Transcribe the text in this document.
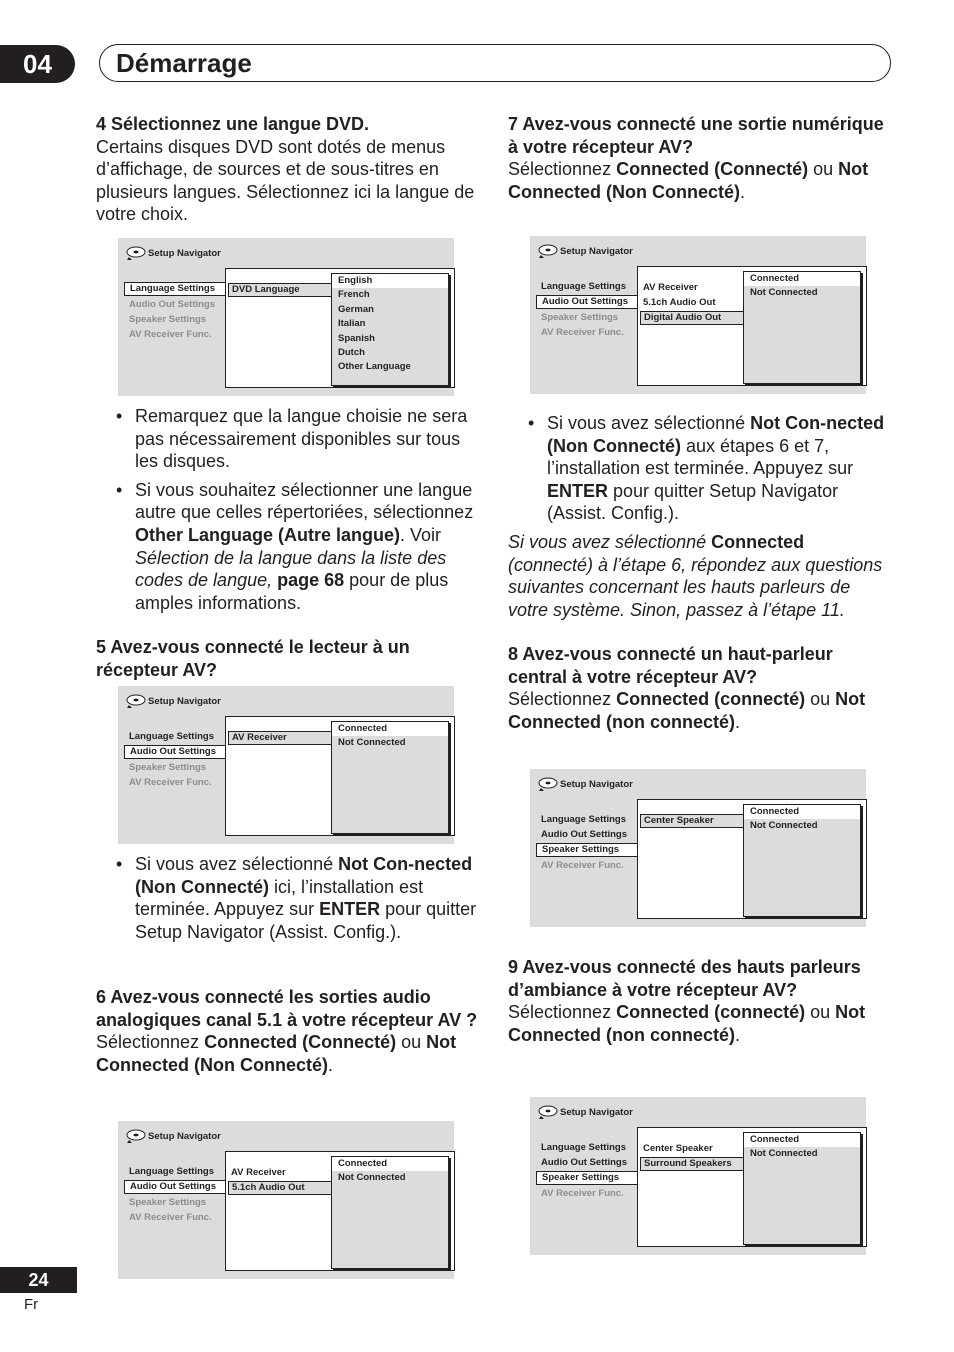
04	Démarrage

4 Sélectionnez une langue DVD.

Certains disques DVD sont dotés de menus d’affichage, de sources et de sous-titres en plusieurs langues. Sélectionnez ici la langue de votre choix.

Setup Navigator
Language Settings
Audio Out Settings
Speaker Settings
AV Receiver Func.
DVD Language
English
French
German
Italian
Spanish
Dutch
Other Language

• Remarquez que la langue choisie ne sera pas nécessairement disponibles sur tous les disques.

• Si vous souhaitez sélectionner une langue autre que celles répertoriées, sélectionnez Other Language (Autre langue). Voir Sélection de la langue dans la liste des codes de langue, page 68 pour de plus amples informations.

5 Avez-vous connecté le lecteur à un récepteur AV?

Setup Navigator
Language Settings
Audio Out Settings
Speaker Settings
AV Receiver Func.
AV Receiver
Connected
Not Connected

• Si vous avez sélectionné Not Con-nected (Non Connecté) ici, l’installation est terminée. Appuyez sur ENTER pour quitter Setup Navigator (Assist. Config.).

6 Avez-vous connecté les sorties audio analogiques canal 5.1 à votre récepteur AV ?

Sélectionnez Connected (Connecté) ou Not Connected (Non Connecté).

Setup Navigator
Language Settings
Audio Out Settings
Speaker Settings
AV Receiver Func.
AV Receiver
5.1ch Audio Out
Connected
Not Connected

7 Avez-vous connecté une sortie numérique à votre récepteur AV?

Sélectionnez Connected (Connecté) ou Not Connected (Non Connecté).

Setup Navigator
Language Settings
Audio Out Settings
Speaker Settings
AV Receiver Func.
AV Receiver
5.1ch Audio Out
Digital Audio Out
Connected
Not Connected

• Si vous avez sélectionné Not Con-nected (Non Connecté) aux étapes 6 et 7, l’installation est terminée. Appuyez sur ENTER pour quitter Setup Navigator (Assist. Config.).

Si vous avez sélectionné Connected (connecté) à l’étape 6, répondez aux questions suivantes concernant les hauts parleurs de votre système. Sinon, passez à l’étape 11.

8 Avez-vous connecté un haut-parleur central à votre récepteur AV?

Sélectionnez Connected (connecté) ou Not Connected (non connecté).

Setup Navigator
Language Settings
Audio Out Settings
Speaker Settings
AV Receiver Func.
Center Speaker
Connected
Not Connected

9 Avez-vous connecté des hauts parleurs d’ambiance à votre récepteur AV?

Sélectionnez Connected (connecté) ou Not Connected (non connecté).

Setup Navigator
Language Settings
Audio Out Settings
Speaker Settings
AV Receiver Func.
Center Speaker
Surround Speakers
Connected
Not Connected
24
Fr
